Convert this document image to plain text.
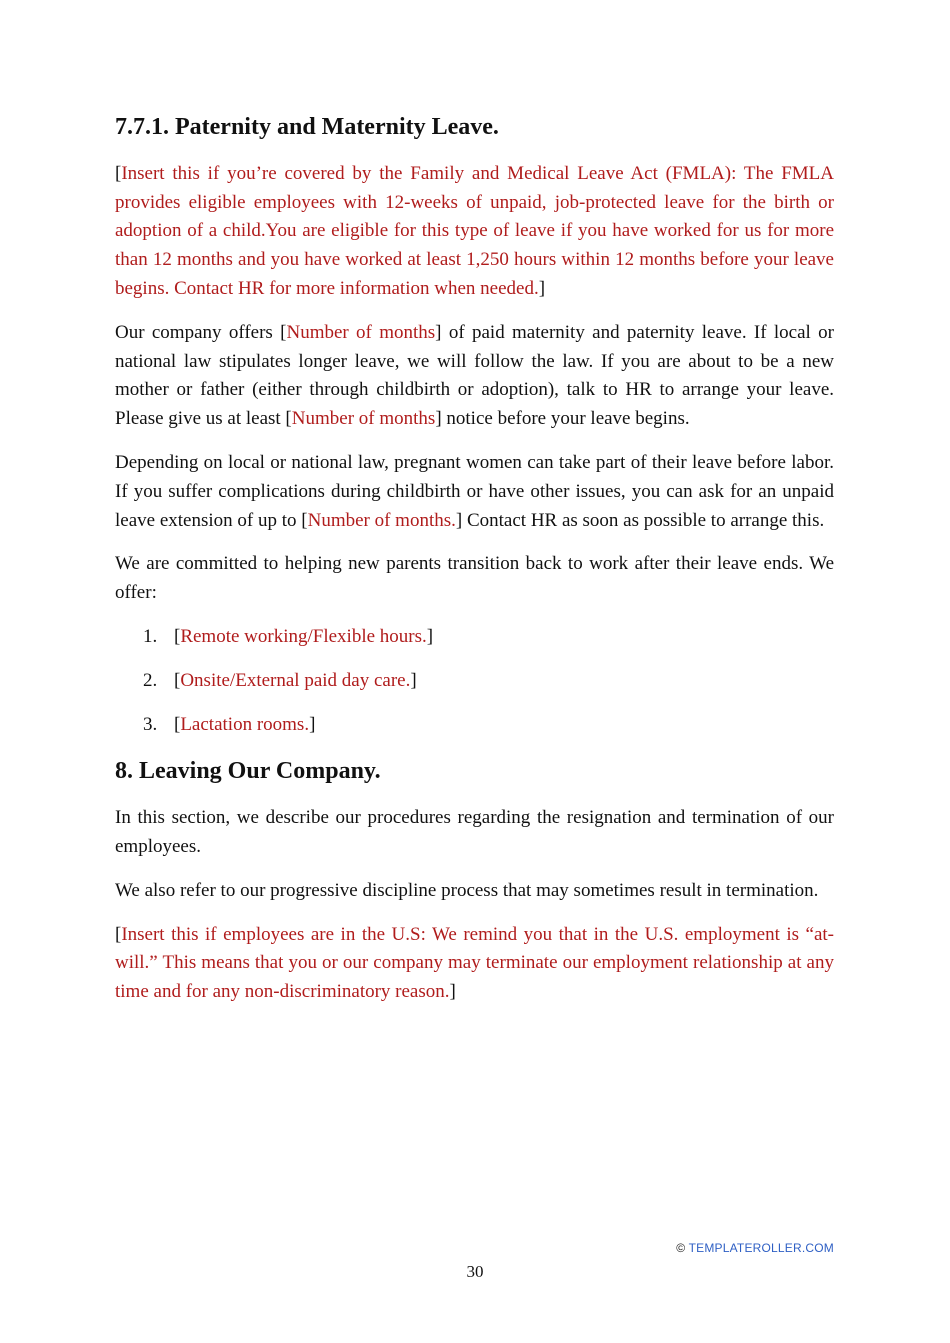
7.7.1. Paternity and Maternity Leave.

[Insert this if you’re covered by the Family and Medical Leave Act (FMLA): The FMLA provides eligible employees with 12-weeks of unpaid, job-protected leave for the birth or adoption of a child.You are eligible for this type of leave if you have worked for us for more than 12 months and you have worked at least 1,250 hours within 12 months before your leave begins. Contact HR for more information when needed.]

Our company offers [Number of months] of paid maternity and paternity leave. If local or national law stipulates longer leave, we will follow the law. If you are about to be a new mother or father (either through childbirth or adoption), talk to HR to arrange your leave. Please give us at least [Number of months] notice before your leave begins.

Depending on local or national law, pregnant women can take part of their leave before labor. If you suffer complications during childbirth or have other issues, you can ask for an unpaid leave extension of up to [Number of months.] Contact HR as soon as possible to arrange this.

We are committed to helping new parents transition back to work after their leave ends. We offer:

1. [Remote working/Flexible hours.]
2. [Onsite/External paid day care.]
3. [Lactation rooms.]
8. Leaving Our Company.

In this section, we describe our procedures regarding the resignation and termination of our employees.

We also refer to our progressive discipline process that may sometimes result in termination.

[Insert this if employees are in the U.S: We remind you that in the U.S. employment is “at-will.” This means that you or our company may terminate our employment relationship at any time and for any non-discriminatory reason.]

© TEMPLATEROLLER.COM
30
